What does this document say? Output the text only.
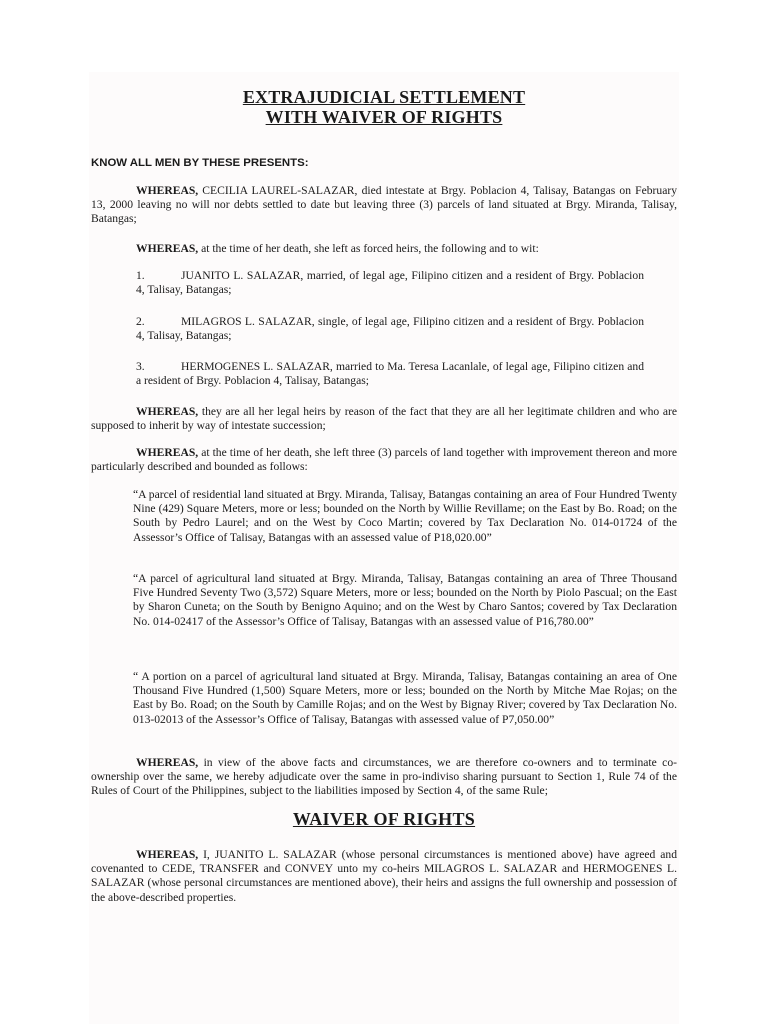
EXTRAJUDICIAL SETTLEMENT
WITH WAIVER OF RIGHTS
KNOW ALL MEN BY THESE PRESENTS:

WHEREAS, CECILIA LAUREL-SALAZAR, died intestate at Brgy. Poblacion 4, Talisay, Batangas on February 13, 2000 leaving no will nor debts settled to date but leaving three (3) parcels of land situated at Brgy. Miranda, Talisay, Batangas;

WHEREAS, at the time of her death, she left as forced heirs, the following and to wit:

1.	JUANITO L. SALAZAR, married, of legal age, Filipino citizen and a resident of Brgy. Poblacion 4, Talisay, Batangas;

2.	MILAGROS L. SALAZAR, single, of legal age, Filipino citizen and a resident of Brgy. Poblacion 4, Talisay, Batangas;

3.	HERMOGENES L. SALAZAR, married to Ma. Teresa Lacanlale, of legal age, Filipino citizen and a resident of Brgy. Poblacion 4, Talisay, Batangas;

WHEREAS, they are all her legal heirs by reason of the fact that they are all her legitimate children and who are supposed to inherit by way of intestate succession;

WHEREAS, at the time of her death, she left three (3) parcels of land together with improvement thereon and more particularly described and bounded as follows:

“A parcel of residential land situated at Brgy. Miranda, Talisay, Batangas containing an area of Four Hundred Twenty Nine (429) Square Meters, more or less; bounded on the North by Willie Revillame; on the East by Bo. Road; on the South by Pedro Laurel; and on the West by Coco Martin; covered by Tax Declaration No. 014-01724 of the Assessor’s Office of Talisay, Batangas with an assessed value of P18,020.00”

“A parcel of agricultural land situated at Brgy. Miranda, Talisay, Batangas containing an area of Three Thousand Five Hundred Seventy Two (3,572) Square Meters, more or less; bounded on the North by Piolo Pascual; on the East by Sharon Cuneta; on the South by Benigno Aquino; and on the West by Charo Santos; covered by Tax Declaration No. 014-02417 of the Assessor’s Office of Talisay, Batangas with an assessed value of P16,780.00”

“ A portion on a parcel of agricultural land situated at Brgy. Miranda, Talisay, Batangas containing an area of One Thousand Five Hundred (1,500) Square Meters, more or less; bounded on the North by Mitche Mae Rojas; on the East by Bo. Road; on the South by Camille Rojas; and on the West by Bignay River; covered by Tax Declaration No. 013-02013 of the Assessor’s Office of Talisay, Batangas with assessed value of P7,050.00”

WHEREAS, in view of the above facts and circumstances, we are therefore co-owners and to terminate co-ownership over the same, we hereby adjudicate over the same in pro-indiviso sharing pursuant to Section 1, Rule 74 of the Rules of Court of the Philippines, subject to the liabilities imposed by Section 4, of the same Rule;

WAIVER OF RIGHTS

WHEREAS, I, JUANITO L. SALAZAR (whose personal circumstances is mentioned above) have agreed and covenanted to CEDE, TRANSFER and CONVEY unto my co-heirs MILAGROS L. SALAZAR and HERMOGENES L. SALAZAR (whose personal circumstances are mentioned above), their heirs and assigns the full ownership and possession of the above-described properties.
